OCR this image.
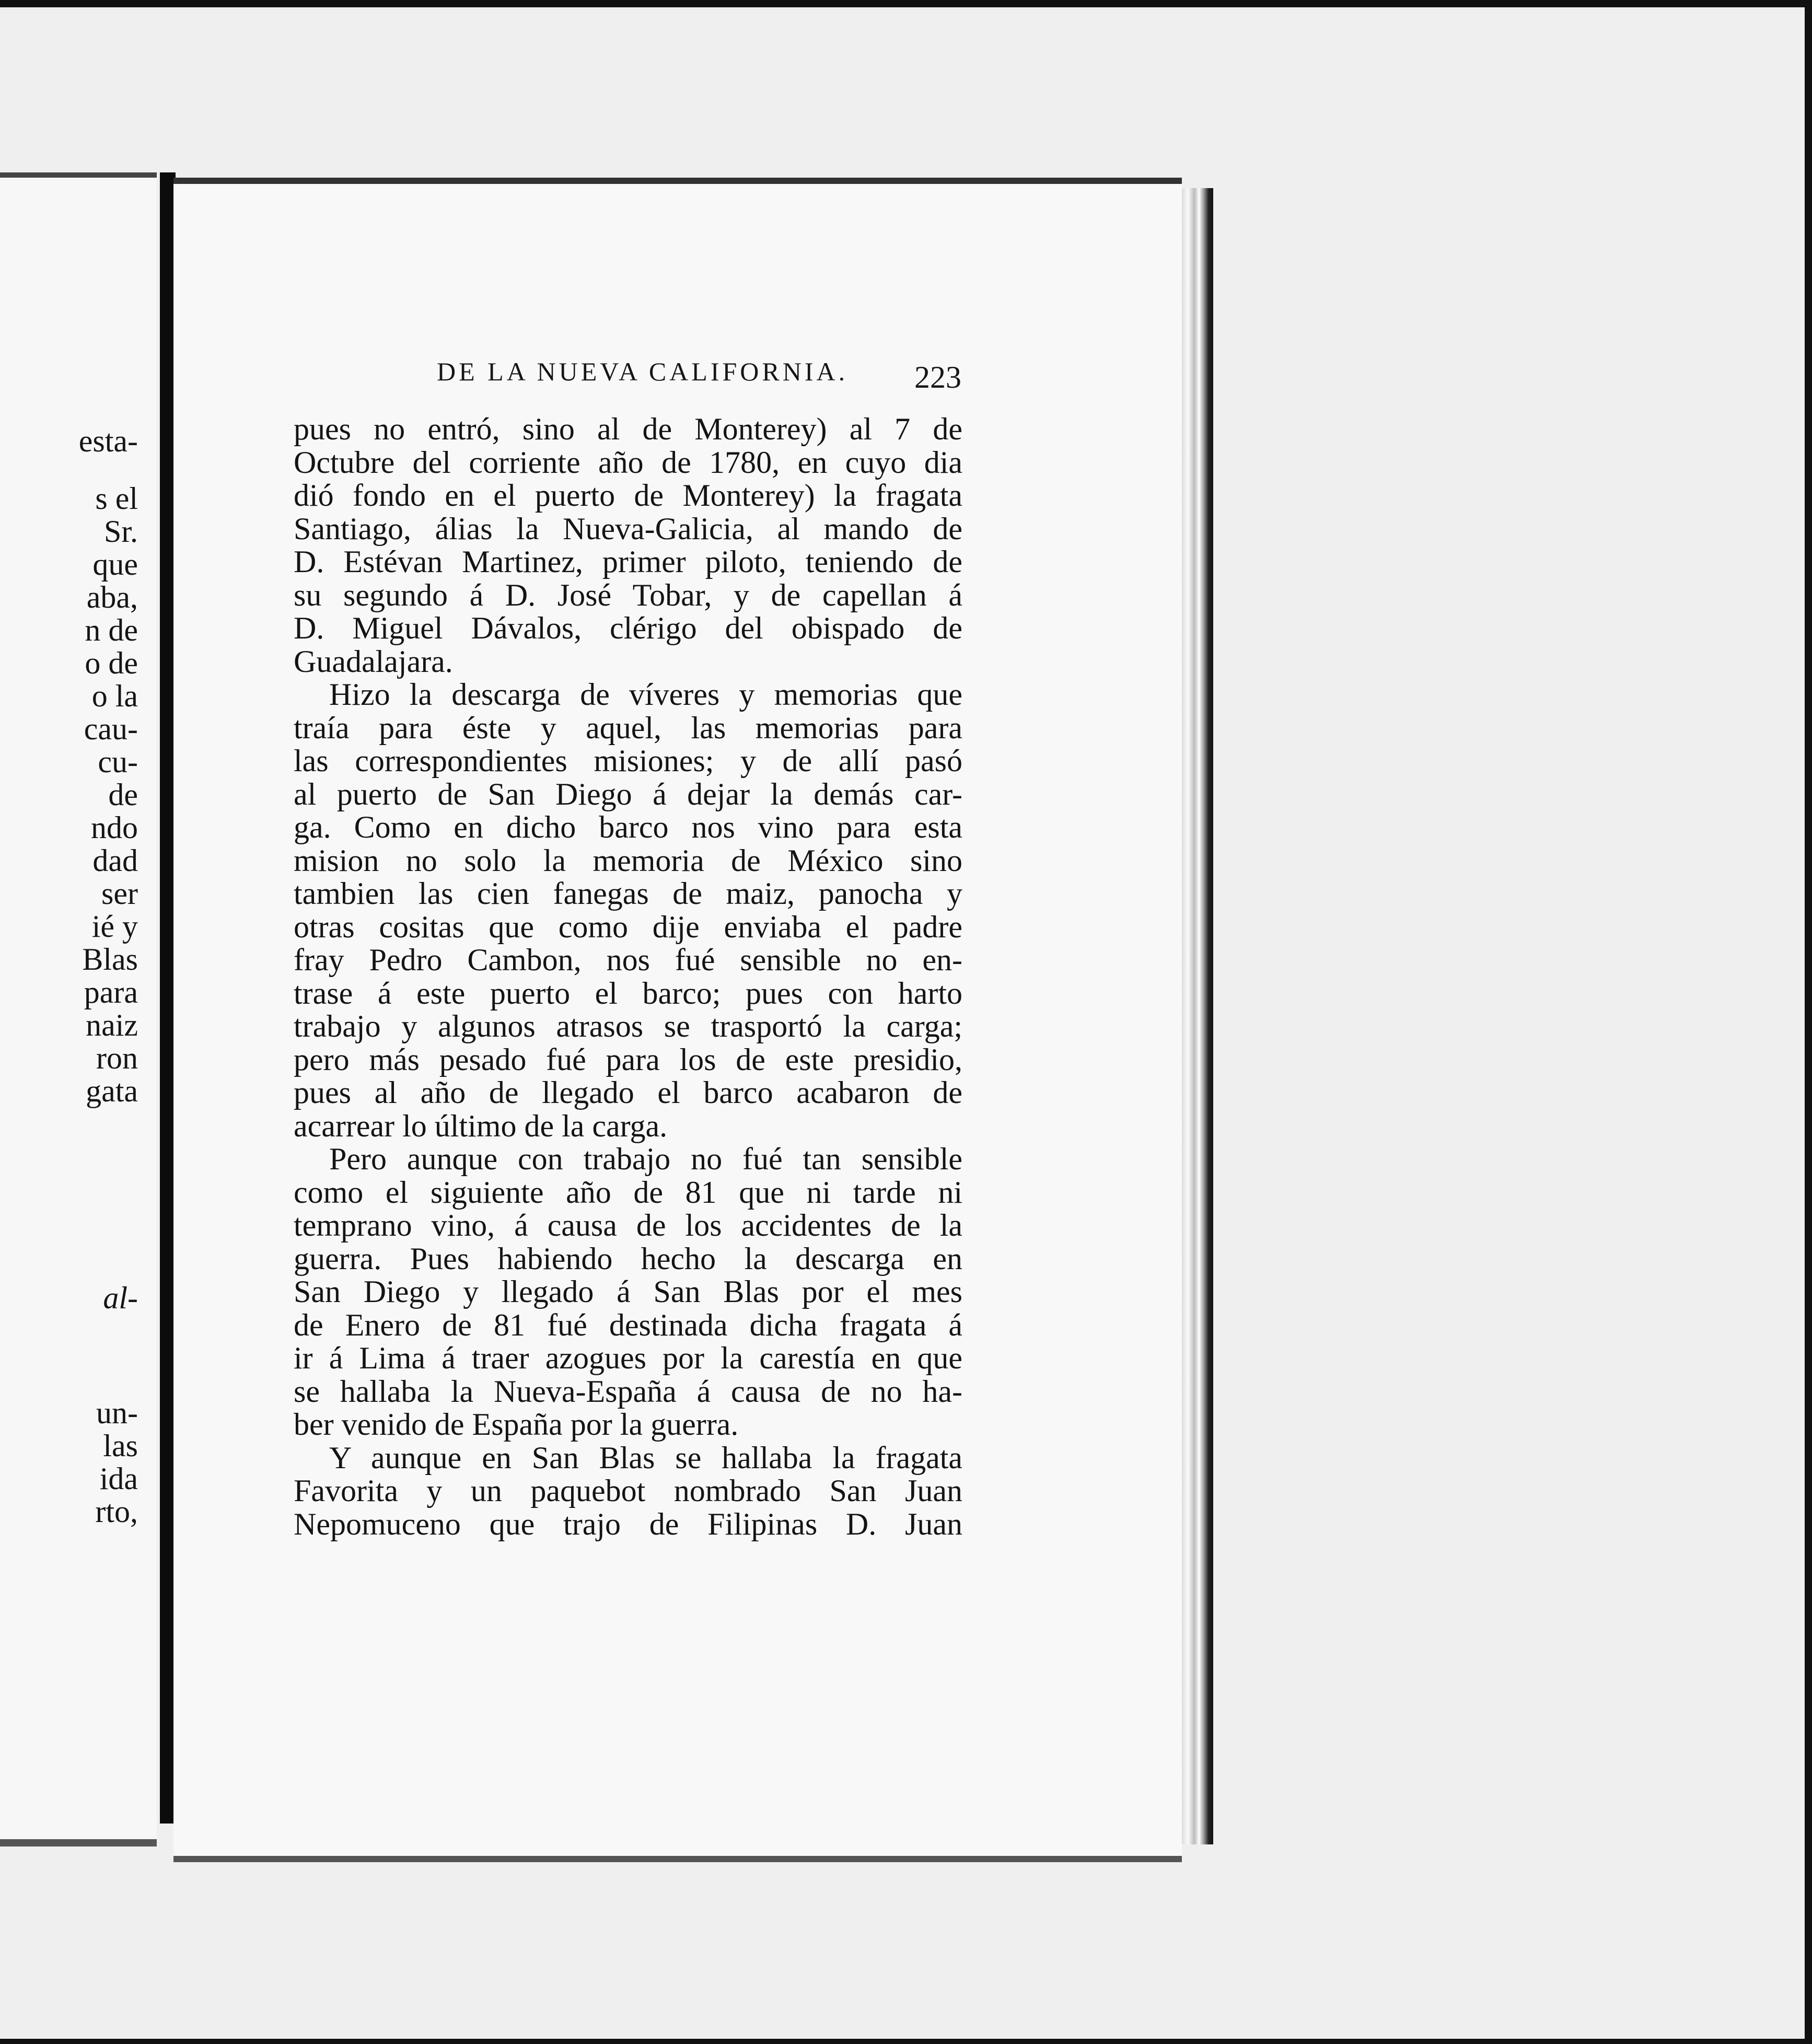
esta-
s el
Sr.
que
aba,
n de
o de
o la
cau-
cu-
de
ndo
dad
ser
ié y
Blas
para
naiz
ron
gata
al-
un-
las
ida
rto,
DE LA NUEVA CALIFORNIA. 223
pues no entró, sino al de Monterey) al 7 de
Octubre del corriente año de 1780, en cuyo dia
dió fondo en el puerto de Monterey) la fragata
Santiago, álias la Nueva-Galicia, al mando de
D. Estévan Martinez, primer piloto, teniendo de
su segundo á D. José Tobar, y de capellan á
D. Miguel Dávalos, clérigo del obispado de
Guadalajara.
Hizo la descarga de víveres y memorias que
traía para éste y aquel, las memorias para
las correspondientes misiones; y de allí pasó
al puerto de San Diego á dejar la demás car-
ga. Como en dicho barco nos vino para esta
mision no solo la memoria de México sino
tambien las cien fanegas de maiz, panocha y
otras cositas que como dije enviaba el padre
fray Pedro Cambon, nos fué sensible no en-
trase á este puerto el barco; pues con harto
trabajo y algunos atrasos se trasportó la carga;
pero más pesado fué para los de este presidio,
pues al año de llegado el barco acabaron de
acarrear lo último de la carga.
Pero aunque con trabajo no fué tan sensible
como el siguiente año de 81 que ni tarde ni
temprano vino, á causa de los accidentes de la
guerra. Pues habiendo hecho la descarga en
San Diego y llegado á San Blas por el mes
de Enero de 81 fué destinada dicha fragata á
ir á Lima á traer azogues por la carestía en que
se hallaba la Nueva-España á causa de no ha-
ber venido de España por la guerra.
Y aunque en San Blas se hallaba la fragata
Favorita y un paquebot nombrado San Juan
Nepomuceno que trajo de Filipinas D. Juan
